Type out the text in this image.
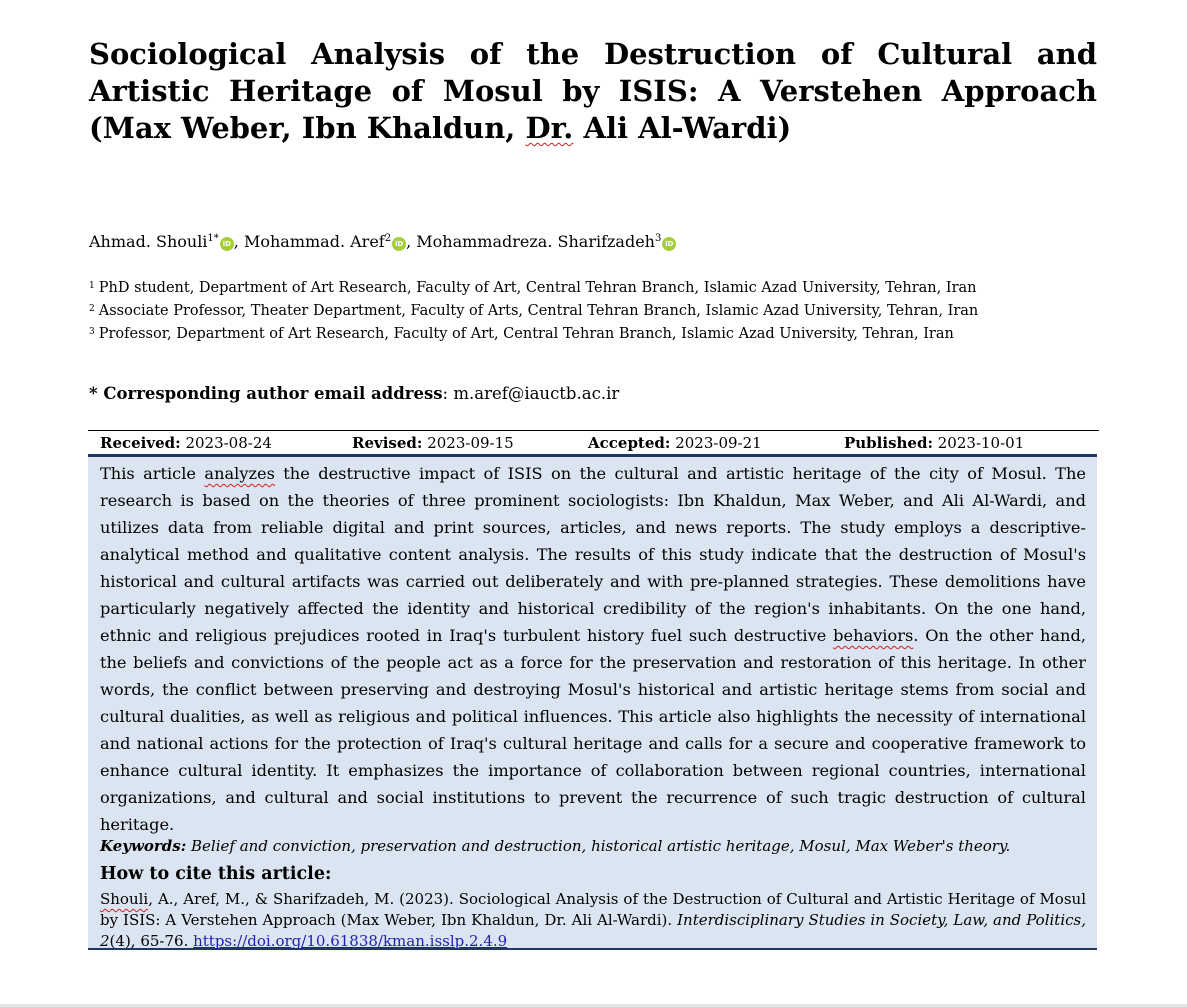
Sociological Analysis of the Destruction of Cultural and Artistic Heritage of Mosul by ISIS: A Verstehen Approach (Max Weber, Ibn Khaldun, Dr. Ali Al-Wardi)
Ahmad. Shouli$^{1*}$ iD , Mohammad. Aref$^2$ iD , Mohammadreza. Sharifzadeh$^3$ iD
$^1$ PhD student, Department of Art Research, Faculty of Art, Central Tehran Branch, Islamic Azad University, Tehran, Iran
$^2$ Associate Professor, Theater Department, Faculty of Arts, Central Tehran Branch, Islamic Azad University, Tehran, Iran
$^3$ Professor, Department of Art Research, Faculty of Art, Central Tehran Branch, Islamic Azad University, Tehran, Iran
* Corresponding author email address: m.aref@iauctb.ac.ir
Received: 2023-08-24	Revised: 2023-09-15	Accepted: 2023-09-21	Published: 2023-10-01

This article analyzes the destructive impact of ISIS on the cultural and artistic heritage of the city of Mosul. The research is based on the theories of three prominent sociologists: Ibn Khaldun, Max Weber, and Ali Al-Wardi, and utilizes data from reliable digital and print sources, articles, and news reports. The study employs a descriptive-analytical method and qualitative content analysis. The results of this study indicate that the destruction of Mosul's historical and cultural artifacts was carried out deliberately and with pre-planned strategies. These demolitions have particularly negatively affected the identity and historical credibility of the region's inhabitants. On the one hand, ethnic and religious prejudices rooted in Iraq's turbulent history fuel such destructive behaviors. On the other hand, the beliefs and convictions of the people act as a force for the preservation and restoration of this heritage. In other words, the conflict between preserving and destroying Mosul's historical and artistic heritage stems from social and cultural dualities, as well as religious and political influences. This article also highlights the necessity of international and national actions for the protection of Iraq's cultural heritage and calls for a secure and cooperative framework to enhance cultural identity. It emphasizes the importance of collaboration between regional countries, international organizations, and cultural and social institutions to prevent the recurrence of such tragic destruction of cultural heritage.

Keywords: Belief and conviction, preservation and destruction, historical artistic heritage, Mosul, Max Weber's theory.
How to cite this article:

Shouli, A., Aref, M., & Sharifzadeh, M. (2023). Sociological Analysis of the Destruction of Cultural and Artistic Heritage of Mosul by ISIS: A Verstehen Approach (Max Weber, Ibn Khaldun, Dr. Ali Al-Wardi). Interdisciplinary Studies in Society, Law, and Politics, 2(4), 65-76. https://doi.org/10.61838/kman.isslp.2.4.9
